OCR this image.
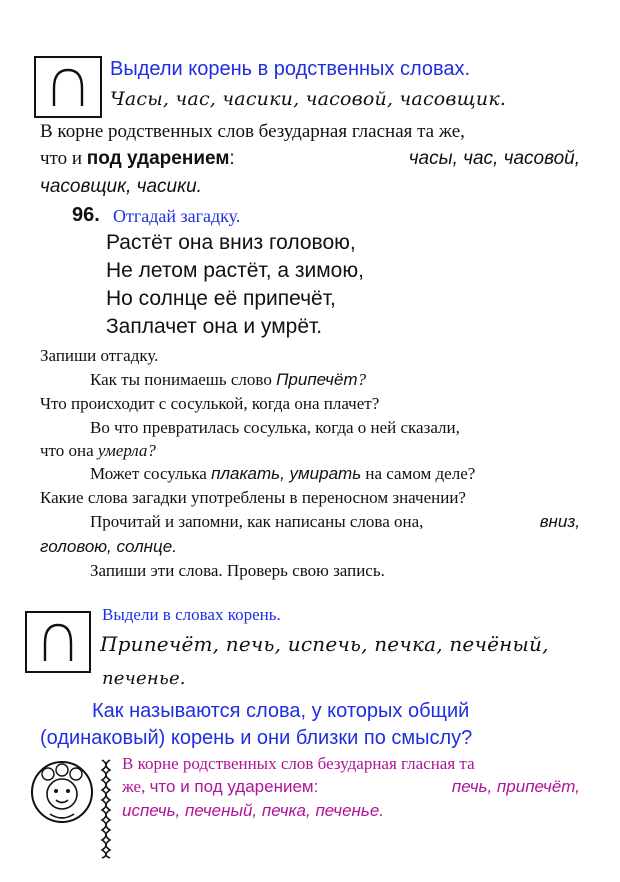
Выдели корень в родственных словах.
Часы, час, часики, часовой, часовщик.
В корне родственных слов безударная гласная та же,
что и под ударением:	часы, час, часовой,
часовщик, часики.
96. Отгадай загадку.
Растёт она вниз головою,
Не летом растёт, а зимою,
Но солнце её припечёт,
Заплачет она и умрёт.
Запиши отгадку.
Как ты понимаешь слово Припечёт?
Что происходит с сосулькой, когда она плачет?
Во что превратилась сосулька, когда о ней сказали,
что она умерла?
Может сосулька плакать, умирать на самом деле?
Какие слова загадки употреблены в переносном значении?
Прочитай и запомни, как написаны слова она,	вниз,
головою, солнце.
Запиши эти слова. Проверь свою запись.
Выдели в словах корень.
Припечёт, печь, испечь, печка, печёный,
печенье.
Как называются слова, у которых общий
(одинаковый) корень и они близки по смыслу?
В корне родственных слов безударная гласная та
же, что и под ударением:	печь, припечёт,
испечь, печеный, печка, печенье.
